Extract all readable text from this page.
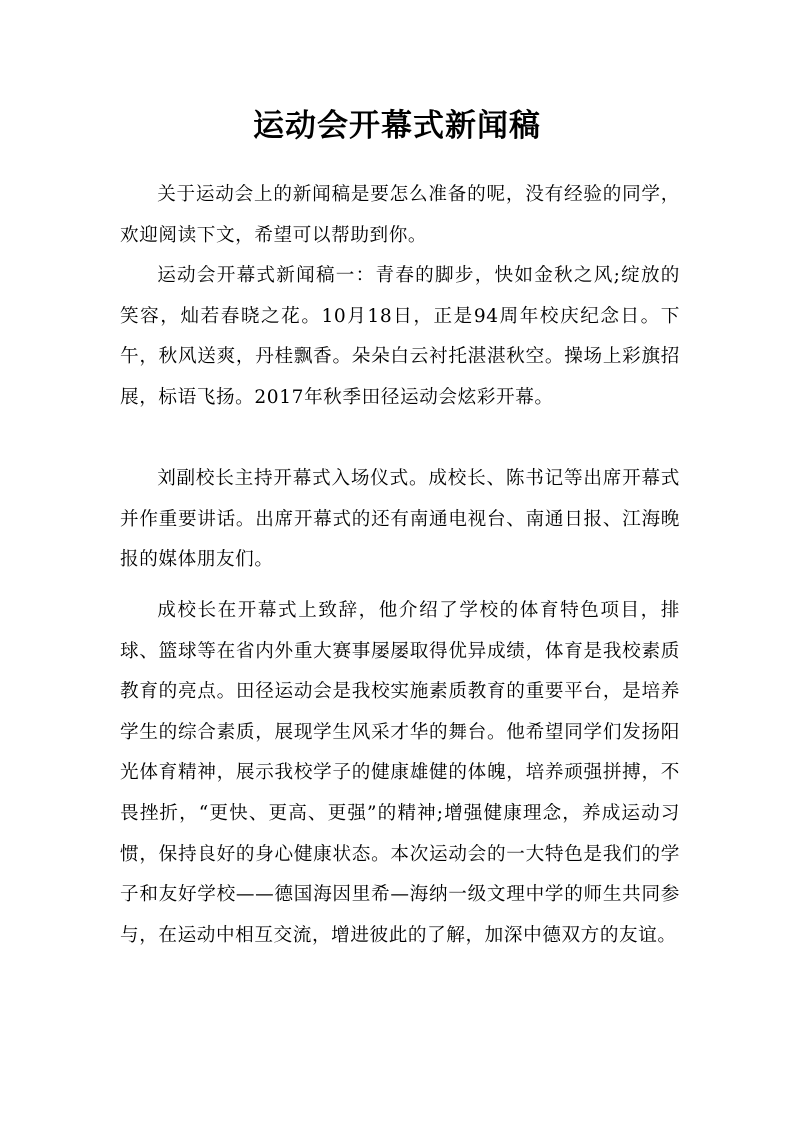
运动会开幕式新闻稿

关于运动会上的新闻稿是要怎么准备的呢，没有经验的同学，欢迎阅读下文，希望可以帮助到你。

运动会开幕式新闻稿一：青春的脚步，快如金秋之风;绽放的笑容，灿若春晓之花。10月18日，正是94周年校庆纪念日。下午，秋风送爽，丹桂飘香。朵朵白云衬托湛湛秋空。操场上彩旗招展，标语飞扬。2017年秋季田径运动会炫彩开幕。

刘副校长主持开幕式入场仪式。成校长、陈书记等出席开幕式并作重要讲话。出席开幕式的还有南通电视台、南通日报、江海晚报的媒体朋友们。

成校长在开幕式上致辞，他介绍了学校的体育特色项目，排球、篮球等在省内外重大赛事屡屡取得优异成绩，体育是我校素质教育的亮点。田径运动会是我校实施素质教育的重要平台，是培养学生的综合素质，展现学生风采才华的舞台。他希望同学们发扬阳光体育精神，展示我校学子的健康雄健的体魄，培养顽强拼搏，不畏挫折，“更快、更高、更强”的精神;增强健康理念，养成运动习惯，保持良好的身心健康状态。本次运动会的一大特色是我们的学子和友好学校——德国海因里希—海纳一级文理中学的师生共同参与，在运动中相互交流，增进彼此的了解，加深中德双方的友谊。
